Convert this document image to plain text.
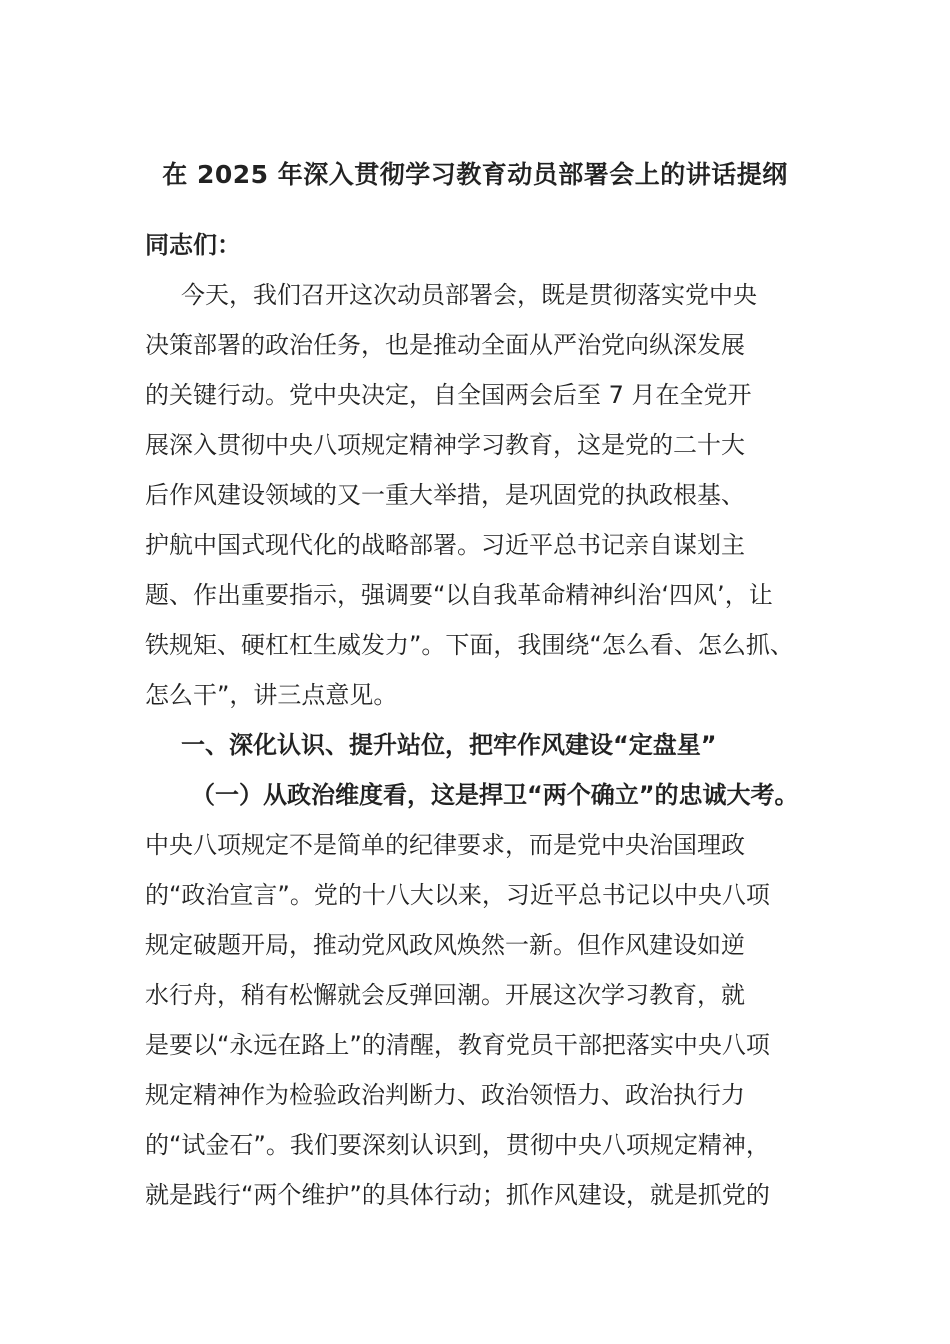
在 2025 年深入贯彻学习教育动员部署会上的讲话提纲
同志们：
今天，我们召开这次动员部署会，既是贯彻落实党中央
决策部署的政治任务，也是推动全面从严治党向纵深发展
的关键行动。党中央决定，自全国两会后至 7 月在全党开
展深入贯彻中央八项规定精神学习教育，这是党的二十大
后作风建设领域的又一重大举措，是巩固党的执政根基、
护航中国式现代化的战略部署。习近平总书记亲自谋划主
题、作出重要指示，强调要“以自我革命精神纠治‘四风’，让
铁规矩、硬杠杠生威发力”。下面，我围绕“怎么看、怎么抓、
怎么干”，讲三点意见。
一、深化认识、提升站位，把牢作风建设“定盘星”
（一）从政治维度看，这是捍卫“两个确立”的忠诚大考。
中央八项规定不是简单的纪律要求，而是党中央治国理政
的“政治宣言”。党的十八大以来，习近平总书记以中央八项
规定破题开局，推动党风政风焕然一新。但作风建设如逆
水行舟，稍有松懈就会反弹回潮。开展这次学习教育，就
是要以“永远在路上”的清醒，教育党员干部把落实中央八项
规定精神作为检验政治判断力、政治领悟力、政治执行力
的“试金石”。我们要深刻认识到，贯彻中央八项规定精神，
就是践行“两个维护”的具体行动；抓作风建设，就是抓党的
